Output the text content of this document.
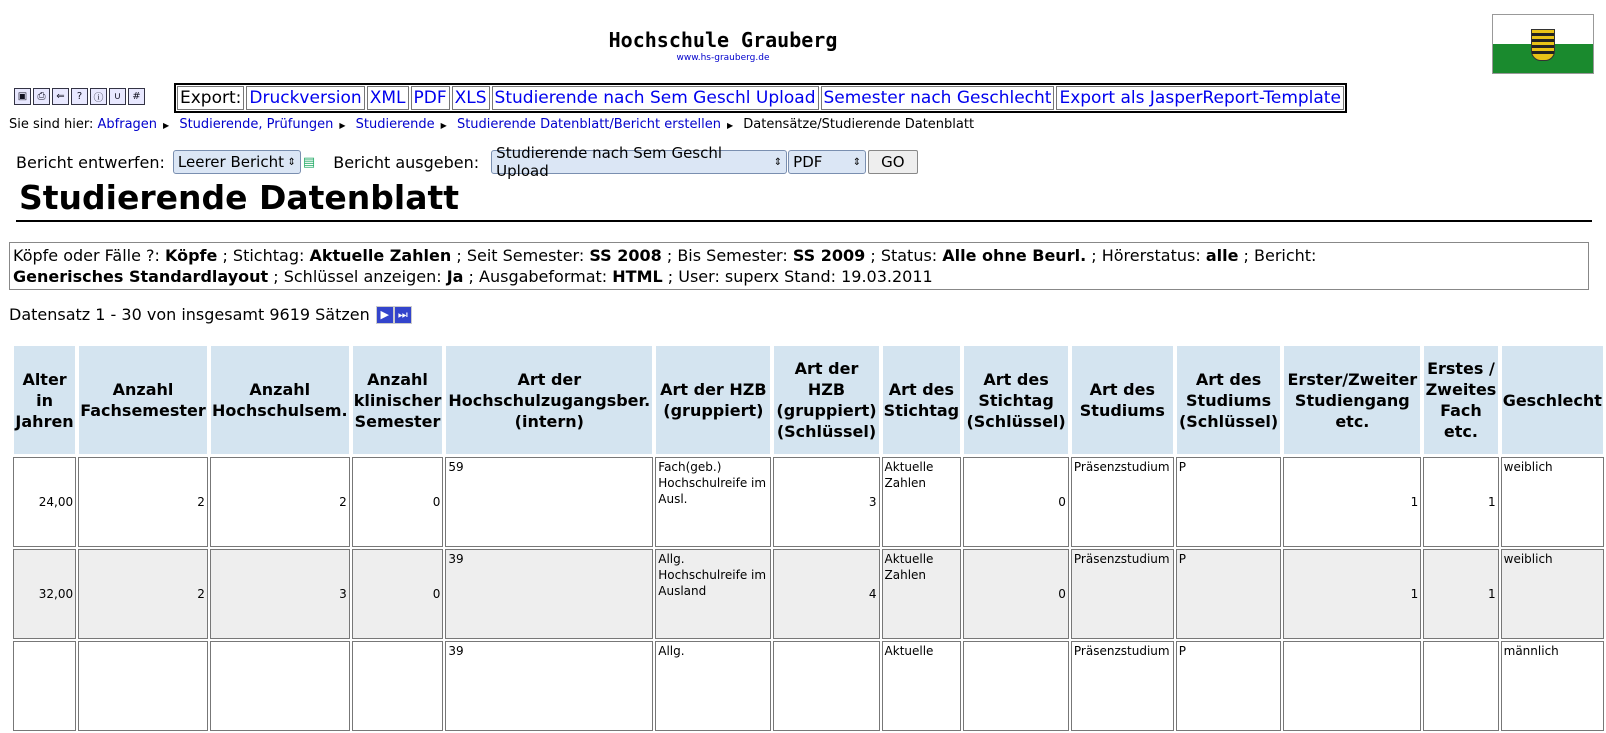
Hochschule Grauberg
www.hs-grauberg.de
▣	⎙	⇐	?	ⓘ	∪	# Export: Druckversion XML PDF XLS Studierende nach Sem Geschl Upload Semester nach Geschlecht Export als JasperReport-Template
Sie sind hier: Abfragen ▶ Studierende, Prüfungen ▶ Studierende ▶ Studierende Datenblatt/Bericht erstellen ▶ Datensätze/Studierende Datenblatt
Bericht entwerfen: Leerer Bericht ⇕ ▤ Bericht ausgeben: Studierende nach Sem Geschl Upload	⇕ PDF	⇕	GO
Studierende Datenblatt
Köpfe oder Fälle ?: Köpfe ; Stichtag: Aktuelle Zahlen ; Seit Semester: SS 2008 ; Bis Semester: SS 2009 ; Status: Alle ohne Beurl. ; Hörerstatus: alle ; Bericht:
Generisches Standardlayout ; Schlüssel anzeigen: Ja ; Ausgabeformat: HTML ; User: superx Stand: 19.03.2011
Datensatz 1 - 30 von insgesamt 9619 Sätzen ▶ ⏭
Alter in Jahren	Anzahl Fachsemester	Anzahl Hochschulsem.	Anzahl klinischer Semester	Art der Hochschulzugangsber. (intern)	Art der HZB (gruppiert)	Art der HZB (gruppiert) (Schlüssel)	Art des Stichtag	Art des Stichtag (Schlüssel)	Art des Studiums	Art des Studiums (Schlüssel)	Erster/Zweiter Studiengang etc.	Erstes / Zweites Fach etc.	Geschlecht
24,00	2	2	0	59	Fach(geb.) Hochschulreife im Ausl.	3	Aktuelle Zahlen	0	Präsenzstudium	P	1	1	weiblich
32,00	2	3	0	39	Allg. Hochschulreife im Ausland	4	Aktuelle Zahlen	0	Präsenzstudium	P	1	1	weiblich
				39	Allg.		Aktuelle		Präsenzstudium	P			männlich
